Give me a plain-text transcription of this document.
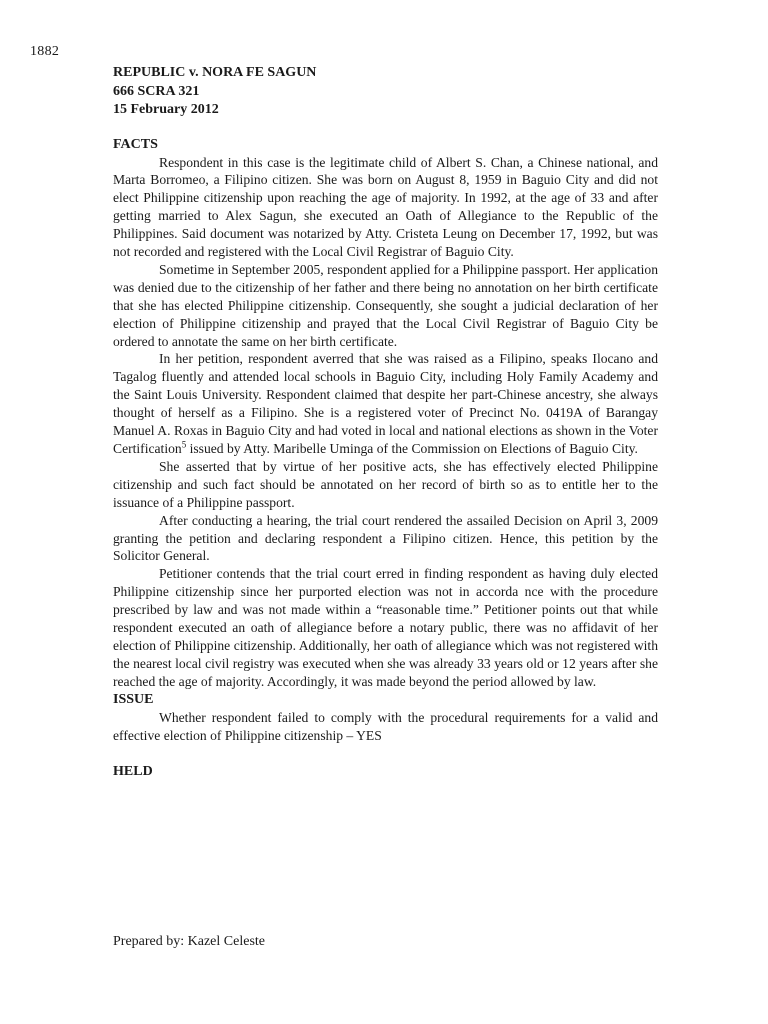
1882
REPUBLIC v. NORA FE SAGUN
666 SCRA 321
15 February 2012
FACTS

Respondent in this case is the legitimate child of Albert S. Chan, a Chinese national, and Marta Borromeo, a Filipino citizen. She was born on August 8, 1959 in Baguio City and did not elect Philippine citizenship upon reaching the age of majority. In 1992, at the age of 33 and after getting married to Alex Sagun, she executed an Oath of Allegiance to the Republic of the Philippines. Said document was notarized by Atty. Cristeta Leung on December 17, 1992, but was not recorded and registered with the Local Civil Registrar of Baguio City.

Sometime in September 2005, respondent applied for a Philippine passport. Her application was denied due to the citizenship of her father and there being no annotation on her birth certificate that she has elected Philippine citizenship. Consequently, she sought a judicial declaration of her election of Philippine citizenship and prayed that the Local Civil Registrar of Baguio City be ordered to annotate the same on her birth certificate.

In her petition, respondent averred that she was raised as a Filipino, speaks Ilocano and Tagalog fluently and attended local schools in Baguio City, including Holy Family Academy and the Saint Louis University. Respondent claimed that despite her part-Chinese ancestry, she always thought of herself as a Filipino. She is a registered voter of Precinct No. 0419A of Barangay Manuel A. Roxas in Baguio City and had voted in local and national elections as shown in the Voter Certification$^5$ issued by Atty. Maribelle Uminga of the Commission on Elections of Baguio City.

She asserted that by virtue of her positive acts, she has effectively elected Philippine citizenship and such fact should be annotated on her record of birth so as to entitle her to the issuance of a Philippine passport.

After conducting a hearing, the trial court rendered the assailed Decision on April 3, 2009 granting the petition and declaring respondent a Filipino citizen. Hence, this petition by the Solicitor General.

Petitioner contends that the trial court erred in finding respondent as having duly elected Philippine citizenship since her purported election was not in accorda nce with the procedure prescribed by law and was not made within a “reasonable time.” Petitioner points out that while respondent executed an oath of allegiance before a notary public, there was no affidavit of her election of Philippine citizenship. Additionally, her oath of allegiance which was not registered with the nearest local civil registry was executed when she was already 33 years old or 12 years after she reached the age of majority. Accordingly, it was made beyond the period allowed by law.

ISSUE

Whether respondent failed to comply with the procedural requirements for a valid and effective election of Philippine citizenship – YES

HELD
Prepared by: Kazel Celeste
